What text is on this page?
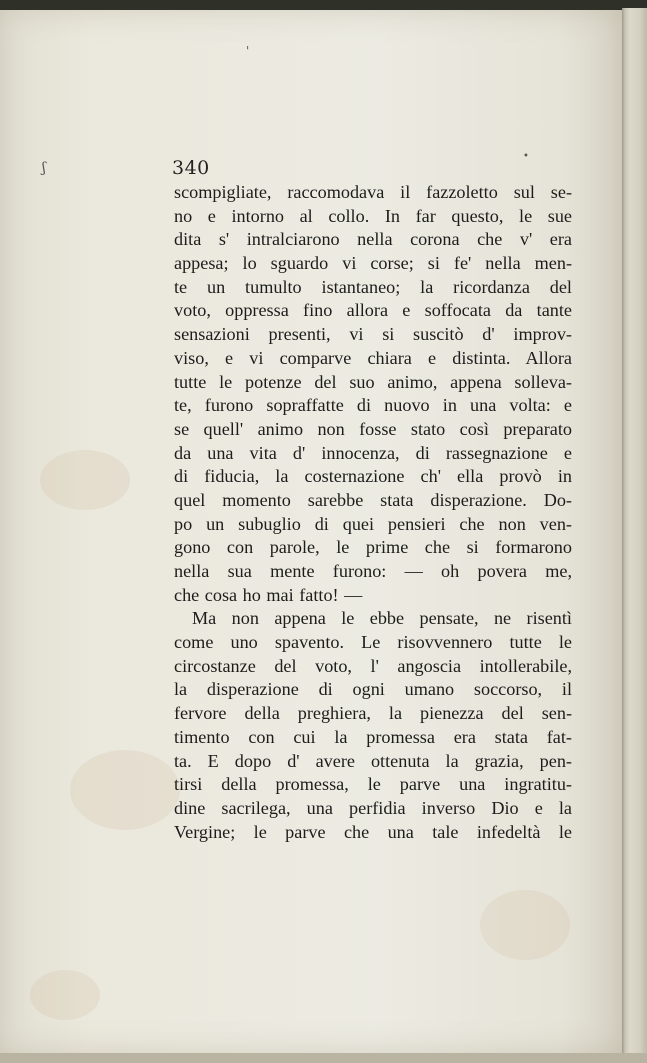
'
ʃ
•
340
scompigliate, raccomodava il fazzoletto sul se-
no e intorno al collo. In far questo, le sue
dita s' intralciarono nella corona che v' era
appesa; lo sguardo vi corse; si fe' nella men-
te un tumulto istantaneo; la ricordanza del
voto, oppressa fino allora e soffocata da tante
sensazioni presenti, vi si suscitò d' improv-
viso, e vi comparve chiara e distinta. Allora
tutte le potenze del suo animo, appena solleva-
te, furono sopraffatte di nuovo in una volta: e
se quell' animo non fosse stato così preparato
da una vita d' innocenza, di rassegnazione e
di fiducia, la costernazione ch' ella provò in
quel momento sarebbe stata disperazione. Do-
po un subuglio di quei pensieri che non ven-
gono con parole, le prime che si formarono
nella sua mente furono: — oh povera me,
che cosa ho mai fatto! —
Ma non appena le ebbe pensate, ne risentì
come uno spavento. Le risovvennero tutte le
circostanze del voto, l' angoscia intollerabile,
la disperazione di ogni umano soccorso, il
fervore della preghiera, la pienezza del sen-
timento con cui la promessa era stata fat-
ta. E dopo d' avere ottenuta la grazia, pen-
tirsi della promessa, le parve una ingratitu-
dine sacrilega, una perfidia inverso Dio e la
Vergine; le parve che una tale infedeltà le
